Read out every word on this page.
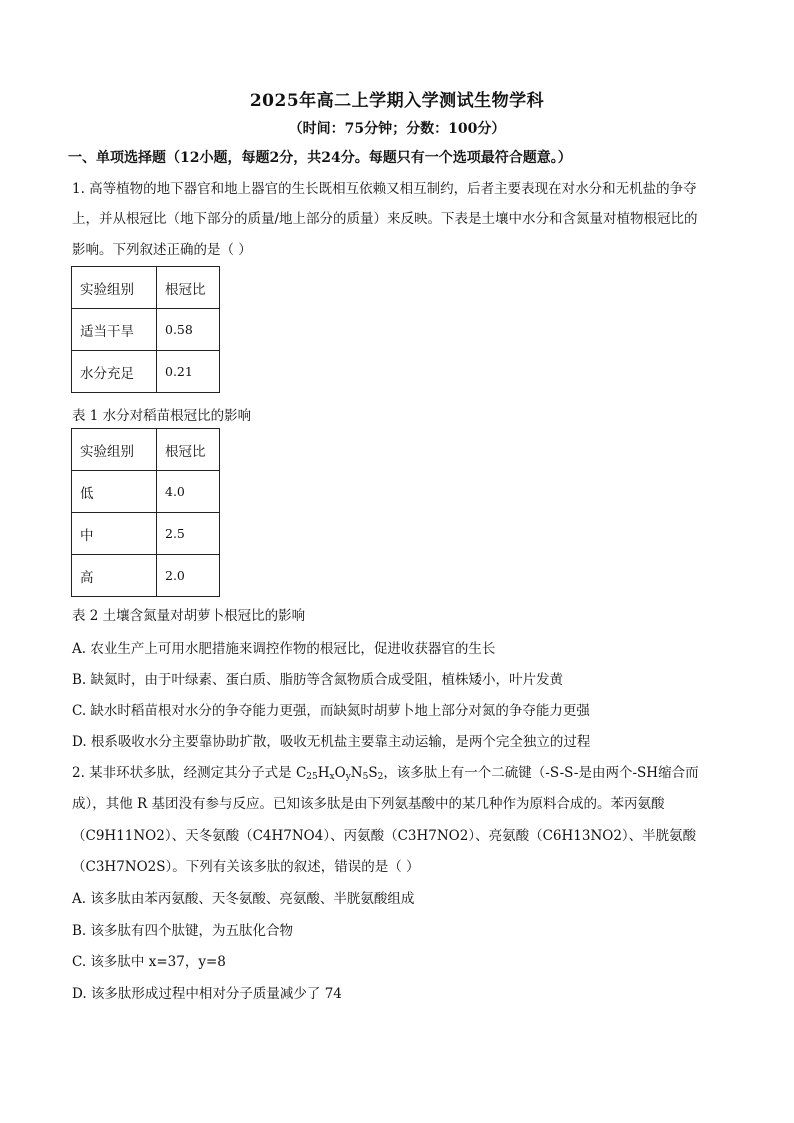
2025年高二上学期入学测试生物学科
（时间：75分钟；分数：100分）
一、单项选择题（12小题，每题2分，共24分。每题只有一个选项最符合题意。）
1. 高等植物的地下器官和地上器官的生长既相互依赖又相互制约，后者主要表现在对水分和无机盐的争夺
上，并从根冠比（地下部分的质量/地上部分的质量）来反映。下表是土壤中水分和含氮量对植物根冠比的
影响。下列叙述正确的是（ ）
实验组别	根冠比
适当干旱	0.58
水分充足	0.21
表 1 水分对稻苗根冠比的影响
实验组别	根冠比
低	4.0
中	2.5
高	2.0
表 2 土壤含氮量对胡萝卜根冠比的影响
A. 农业生产上可用水肥措施来调控作物的根冠比，促进收获器官的生长
B. 缺氮时，由于叶绿素、蛋白质、脂肪等含氮物质合成受阻，植株矮小，叶片发黄
C. 缺水时稻苗根对水分的争夺能力更强，而缺氮时胡萝卜地上部分对氮的争夺能力更强
D. 根系吸收水分主要靠协助扩散，吸收无机盐主要靠主动运输，是两个完全独立的过程
2. 某非环状多肽，经测定其分子式是 $C_{25}H_xO_yN_5S_2$，该多肽上有一个二硫键（-S-S-是由两个-SH缩合而
成），其他 R 基团没有参与反应。已知该多肽是由下列氨基酸中的某几种作为原料合成的。苯丙氨酸
（C9H11NO2）、天冬氨酸（C4H7NO4）、丙氨酸（C3H7NO2）、亮氨酸（C6H13NO2）、半胱氨酸
（C3H7NO2S）。下列有关该多肽的叙述，错误的是（ ）
A. 该多肽由苯丙氨酸、天冬氨酸、亮氨酸、半胱氨酸组成
B. 该多肽有四个肽键，为五肽化合物
C. 该多肽中 x=37，y=8
D. 该多肽形成过程中相对分子质量减少了 74
